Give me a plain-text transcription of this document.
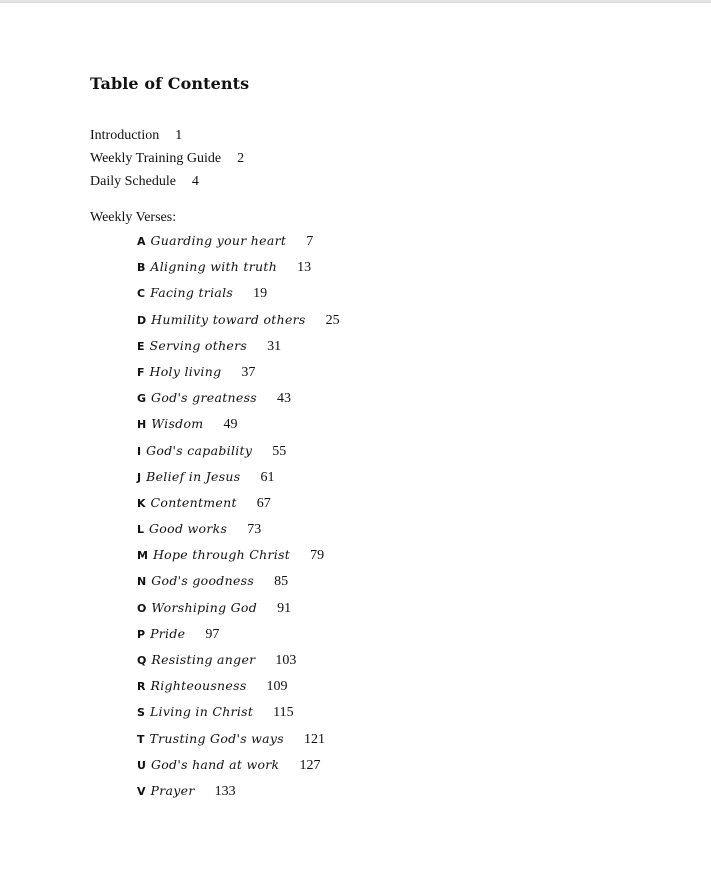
Table of Contents
Introduction 1
Weekly Training Guide 2
Daily Schedule 4
Weekly Verses:
A Guarding your heart 7
B Aligning with truth 13
C Facing trials 19
D Humility toward others 25
E Serving others 31
F Holy living 37
G God's greatness 43
H Wisdom 49
I God's capability 55
J Belief in Jesus 61
K Contentment 67
L Good works 73
M Hope through Christ 79
N God's goodness 85
O Worshiping God 91
P Pride 97
Q Resisting anger 103
R Righteousness 109
S Living in Christ 115
T Trusting God's ways 121
U God's hand at work 127
V Prayer 133
